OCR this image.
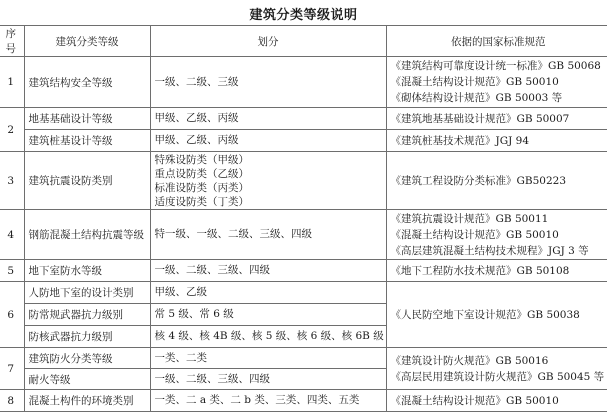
建筑分类等级说明
序号	建筑分类等级	划分	依据的国家标准规范
1	建筑结构安全等级	一级、二级、三级	《建筑结构可靠度设计统一标准》GB 50068
《混凝土结构设计规范》GB 50010
《砌体结构设计规范》GB 50003 等

2	地基基础设计等级	甲级、乙级、丙级	《建筑地基基础设计规范》GB 50007

	建筑桩基设计等级	甲级、乙级、丙级	《建筑桩基技术规范》JGJ 94

3	建筑抗震设防类别	特殊设防类（甲级）
重点设防类（乙级）
标准设防类（丙类）
适度设防类（丁类）	《建筑工程设防分类标准》GB50223

4	钢筋混凝土结构抗震等级	特一级、一级、二级、三级、四级	《建筑抗震设计规范》GB 50011
《混凝土结构设计规范》GB 50010
《高层建筑混凝土结构技术规程》JGJ 3 等

5	地下室防水等级	一级、二级、三级、四级	《地下工程防水技术规范》GB 50108

6	人防地下室的设计类别	甲级、乙级	《人民防空地下室设计规范》GB 50038

	防常规武器抗力级别	常 5 级、常 6 级	

	防核武器抗力级别	核 4 级、核 4B 级、核 5 级、核 6 级、核 6B 级	

7	建筑防火分类等级	一类、二类	《建筑设计防火规范》GB 50016
《高层民用建筑设计防火规范》GB 50045 等

	耐火等级	一级、二级、三级、四级	

8	混凝土构件的环境类别	一类、二 a 类、二 b 类、三类、四类、五类	《混凝土结构设计规范》GB 50010
